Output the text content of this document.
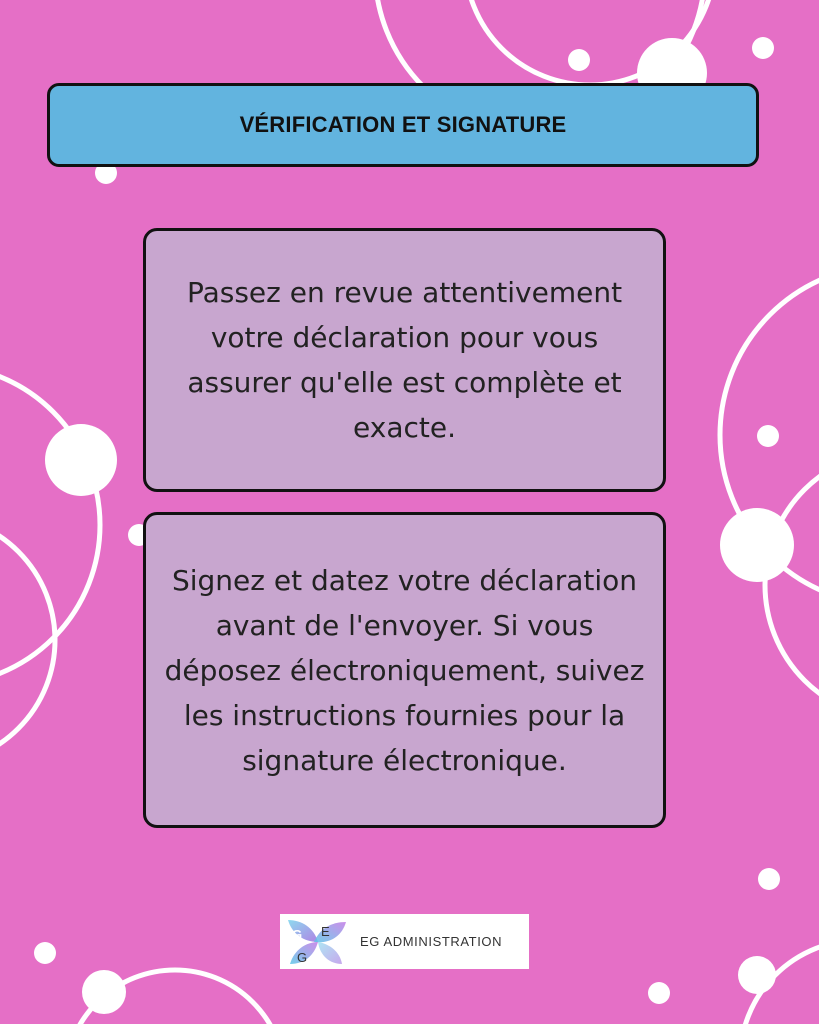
VÉRIFICATION ET SIGNATURE
Passez en revue attentivement votre déclaration pour vous assurer qu'elle est complète et exacte.
Signez et datez votre déclaration avant de l'envoyer. Si vous déposez électroniquement, suivez les instructions fournies pour la signature électronique.
G E
G
EG ADMINISTRATION
